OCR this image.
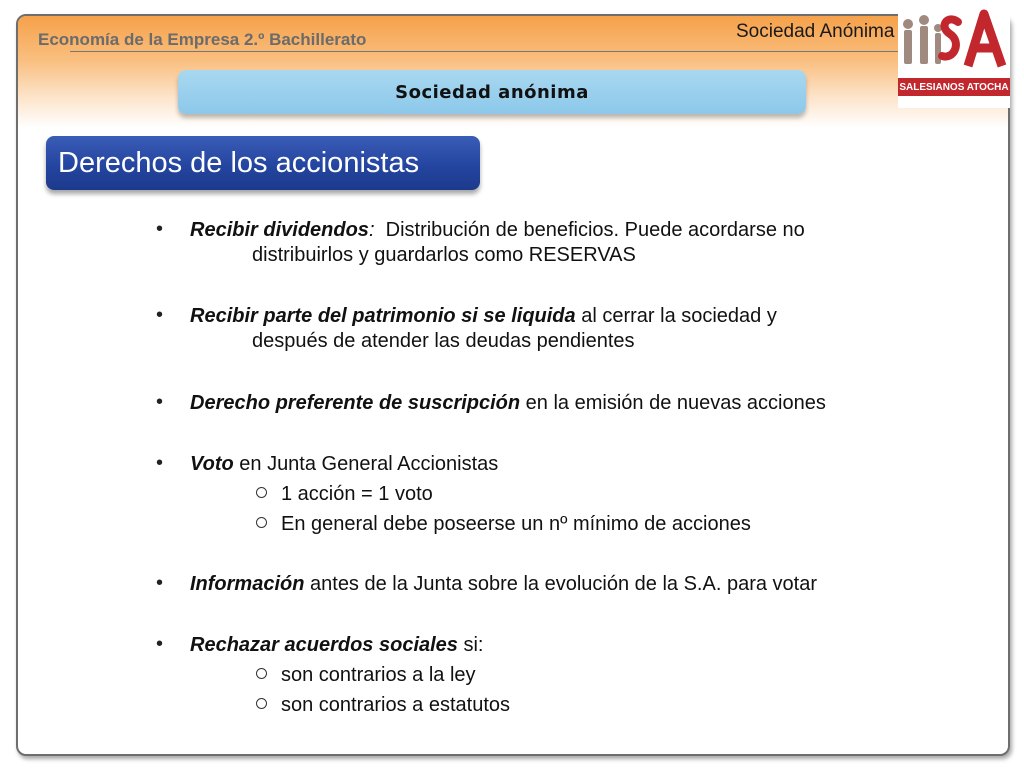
Economía de la Empresa 2.º Bachillerato	Sociedad Anónima
Sociedad anónima
Derechos de los accionistas
• Recibir dividendos: Distribución de beneficios. Puede acordarse no
distribuirlos y guardarlos como RESERVAS
• Recibir parte del patrimonio si se liquida al cerrar la sociedad y
después de atender las deudas pendientes
• Derecho preferente de suscripción en la emisión de nuevas acciones
• Voto en Junta General Accionistas
1 acción = 1 voto
En general debe poseerse un nº mínimo de acciones
• Información antes de la Junta sobre la evolución de la S.A. para votar
• Rechazar acuerdos sociales si:
son contrarios a la ley
son contrarios a estatutos
SALESIANOS ATOCHA
